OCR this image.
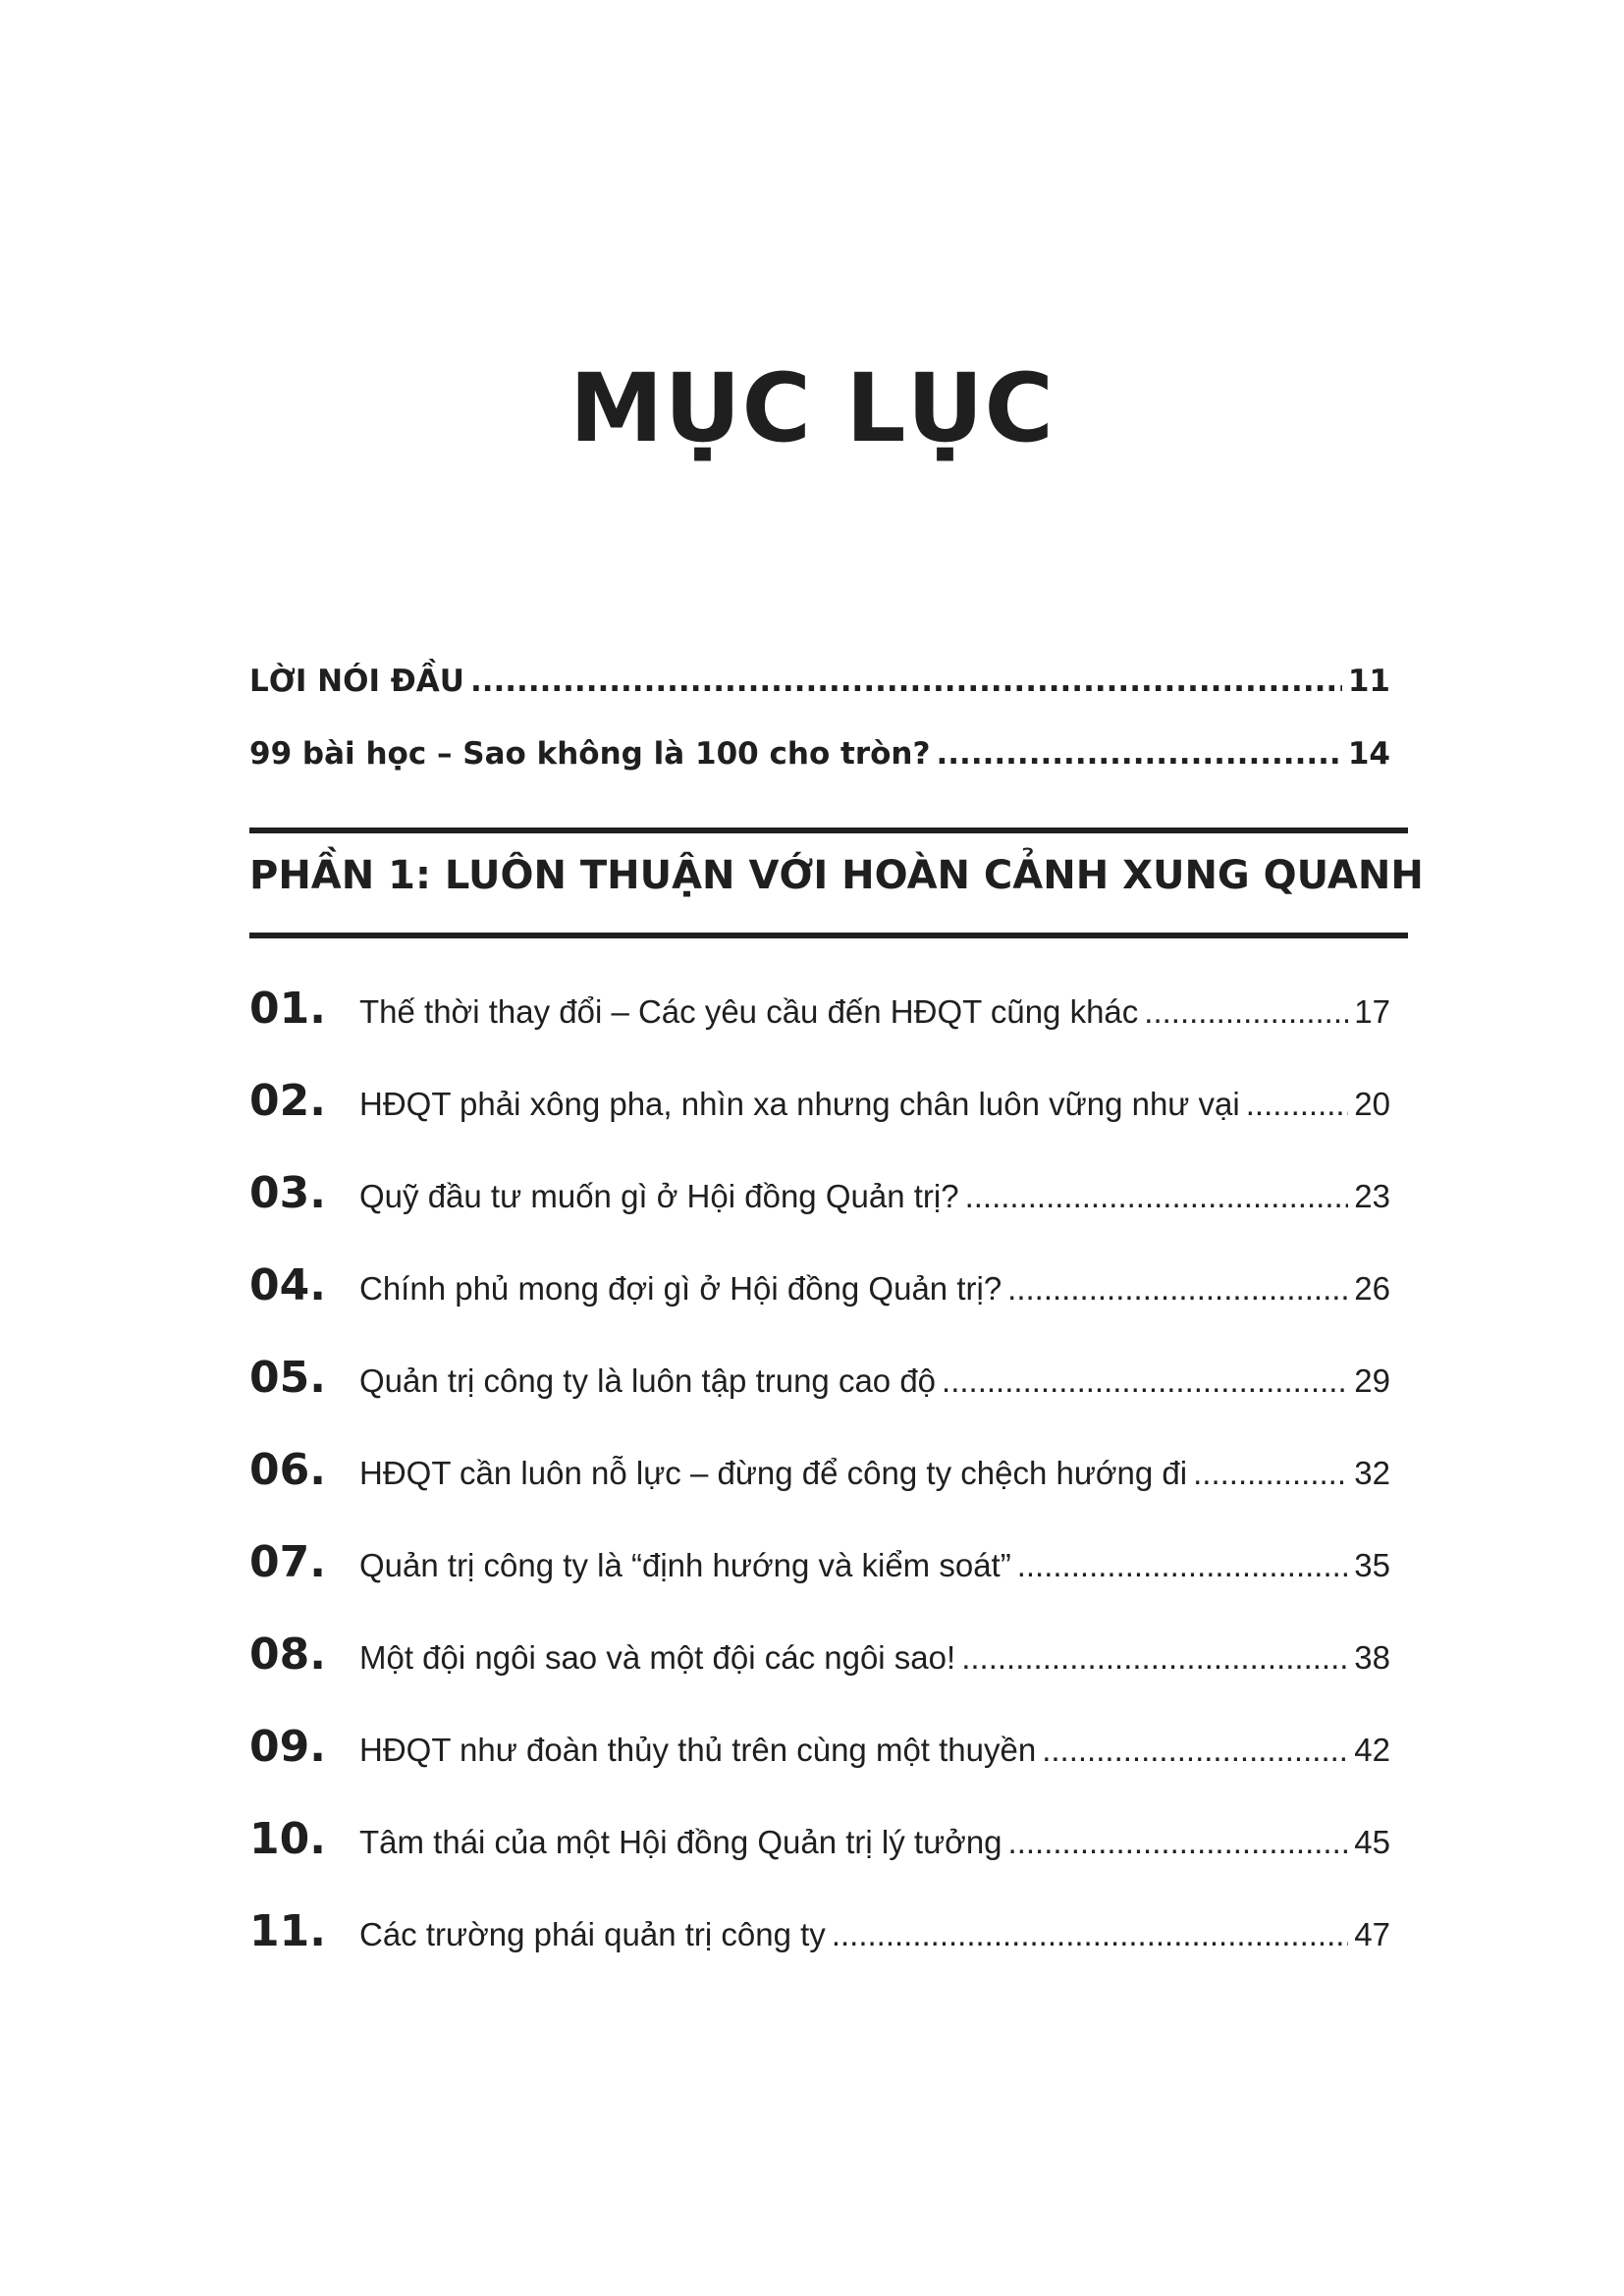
MỤC LỤC
LỜI NÓI ĐẦU .....	11
99 bài học – Sao không là 100 cho tròn? .....	14
PHẦN 1: LUÔN THUẬN VỚI HOÀN CẢNH XUNG QUANH
01.	Thế thời thay đổi – Các yêu cầu đến HĐQT cũng khác .....	17
02.	HĐQT phải xông pha, nhìn xa nhưng chân luôn vững như vại .....	20
03.	Quỹ đầu tư muốn gì ở Hội đồng Quản trị? .....	23
04.	Chính phủ mong đợi gì ở Hội đồng Quản trị? .....	26
05.	Quản trị công ty là luôn tập trung cao độ .....	29
06.	HĐQT cần luôn nỗ lực – đừng để công ty chệch hướng đi .....	32
07.	Quản trị công ty là “định hướng và kiểm soát” .....	35
08.	Một đội ngôi sao và một đội các ngôi sao! .....	38
09.	HĐQT như đoàn thủy thủ trên cùng một thuyền .....	42
10.	Tâm thái của một Hội đồng Quản trị lý tưởng .....	45
11.	Các trường phái quản trị công ty .....	47
